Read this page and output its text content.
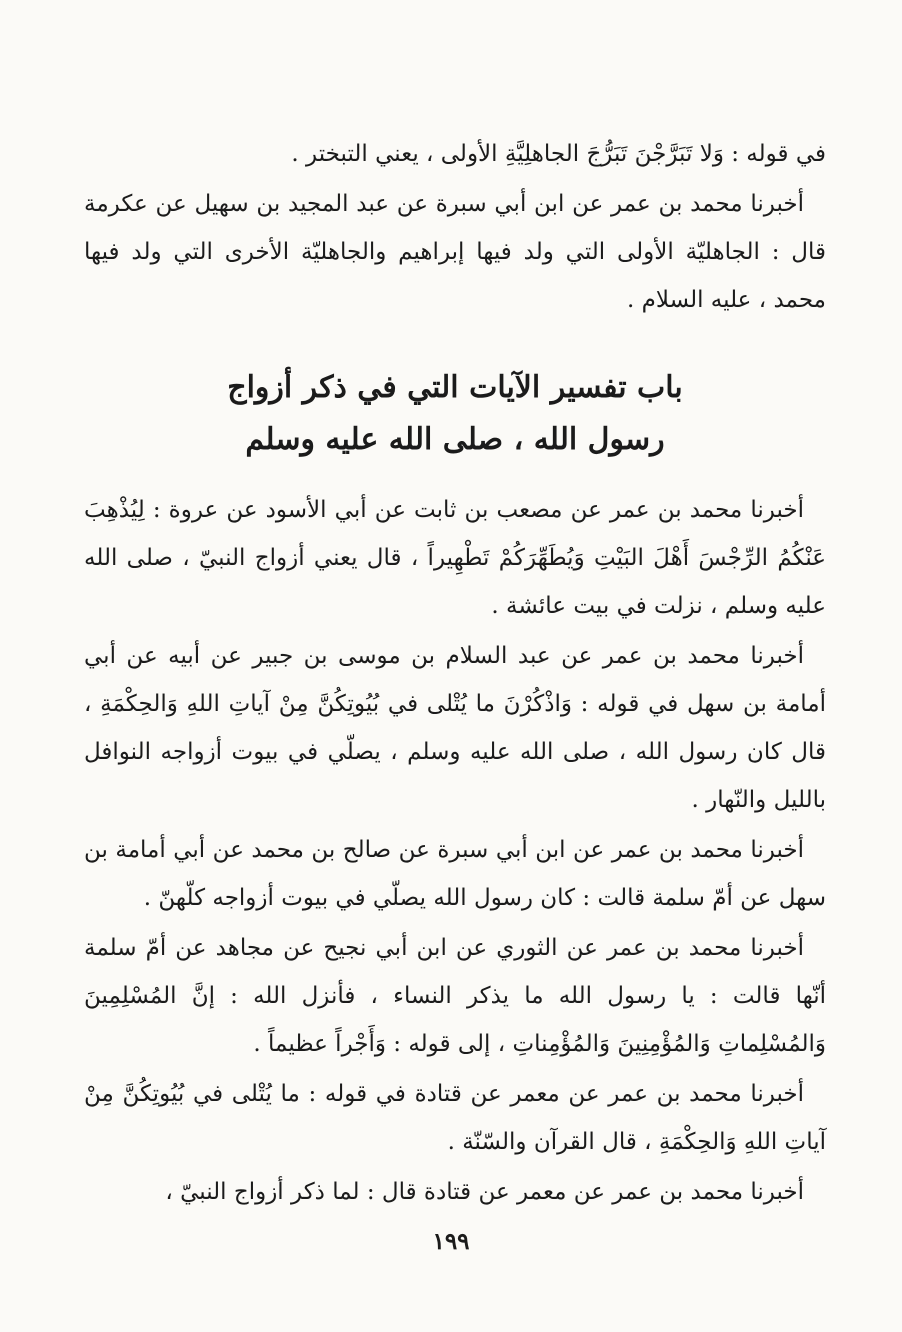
في قوله : وَلا تَبَرَّجْنَ تَبَرُّجَ الجاهلِيَّةِ الأولى ، يعني التبختر .

أخبرنا محمد بن عمر عن ابن أبي سبرة عن عبد المجيد بن سهيل عن عكرمة قال : الجاهليّة الأولى التي ولد فيها إبراهيم والجاهليّة الأخرى التي ولد فيها محمد ، عليه السلام .

باب تفسير الآيات التي في ذكر أزواج
رسول الله ، صلى الله عليه وسلم

أخبرنا محمد بن عمر عن مصعب بن ثابت عن أبي الأسود عن عروة : لِيُذْهِبَ عَنْكُمُ الرِّجْسَ أَهْلَ البَيْتِ وَيُطَهِّرَكُمْ تَطْهِيراً ، قال يعني أزواج النبيّ ، صلى الله عليه وسلم ، نزلت في بيت عائشة .

أخبرنا محمد بن عمر عن عبد السلام بن موسى بن جبير عن أبيه عن أبي أمامة بن سهل في قوله : وَاذْكُرْنَ ما يُتْلى في بُيُوتِكُنَّ مِنْ آياتِ اللهِ وَالحِكْمَةِ ، قال كان رسول الله ، صلى الله عليه وسلم ، يصلّي في بيوت أزواجه النوافل بالليل والنّهار .

أخبرنا محمد بن عمر عن ابن أبي سبرة عن صالح بن محمد عن أبي أمامة بن سهل عن أمّ سلمة قالت : كان رسول الله يصلّي في بيوت أزواجه كلّهنّ .

أخبرنا محمد بن عمر عن الثوري عن ابن أبي نجيح عن مجاهد عن أمّ سلمة أنّها قالت : يا رسول الله ما يذكر النساء ، فأنزل الله : إنَّ المُسْلِمِينَ وَالمُسْلِماتِ وَالمُؤْمِنِينَ وَالمُؤْمِناتِ ، إلى قوله : وَأَجْراً عظيماً .

أخبرنا محمد بن عمر عن معمر عن قتادة في قوله : ما يُتْلى في بُيُوتِكُنَّ مِنْ آياتِ اللهِ وَالحِكْمَةِ ، قال القرآن والسّنّة .

أخبرنا محمد بن عمر عن معمر عن قتادة قال : لما ذكر أزواج النبيّ ،

١٩٩
